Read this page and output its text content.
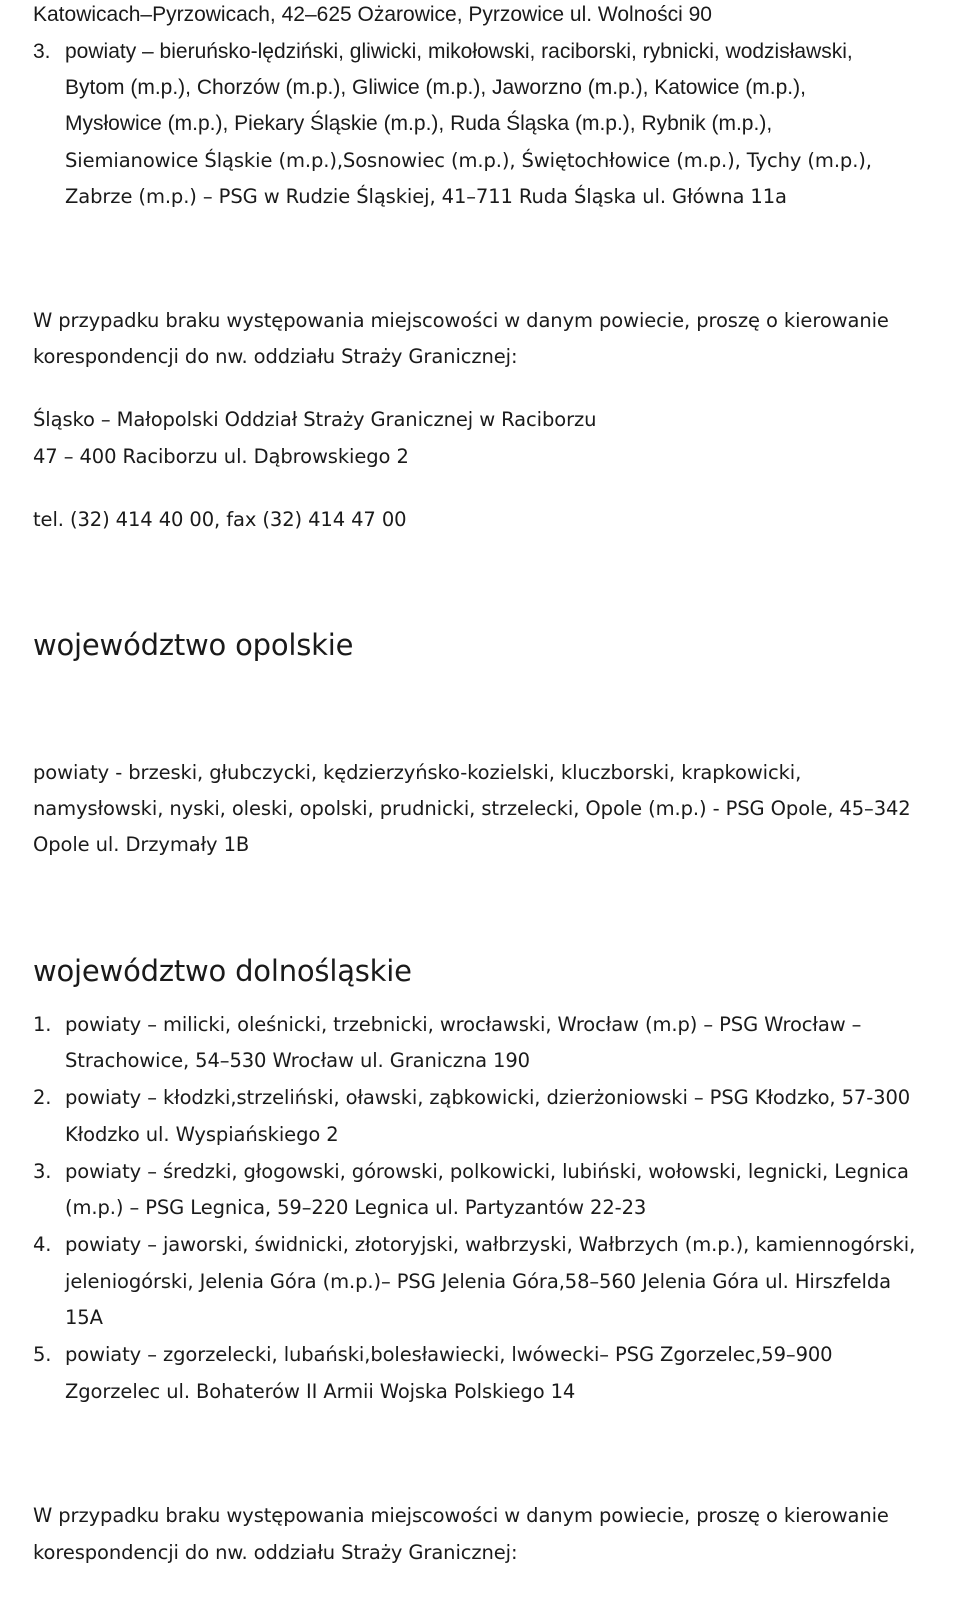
Katowicach–Pyrzowicach, 42–625 Ożarowice, Pyrzowice ul. Wolności 90
3. powiaty – bieruńsko-lędziński, gliwicki, mikołowski, raciborski, rybnicki, wodzisławski,
Bytom (m.p.), Chorzów (m.p.), Gliwice (m.p.), Jaworzno (m.p.), Katowice (m.p.),
Mysłowice (m.p.), Piekary Śląskie (m.p.), Ruda Śląska (m.p.), Rybnik (m.p.),
Siemianowice Śląskie (m.p.),Sosnowiec (m.p.), Świętochłowice (m.p.), Tychy (m.p.),
Zabrze (m.p.) – PSG w Rudzie Śląskiej, 41–711 Ruda Śląska ul. Główna 11a
W przypadku braku występowania miejscowości w danym powiecie, proszę o kierowanie
korespondencji do nw. oddziału Straży Granicznej:
Śląsko – Małopolski Oddział Straży Granicznej w Raciborzu
47 – 400 Raciborzu ul. Dąbrowskiego 2
tel. (32) 414 40 00, fax (32) 414 47 00
województwo opolskie
powiaty - brzeski, głubczycki, kędzierzyńsko-kozielski, kluczborski, krapkowicki,
namysłowski, nyski, oleski, opolski, prudnicki, strzelecki, Opole (m.p.) - PSG Opole, 45–342
Opole ul. Drzymały 1B
województwo dolnośląskie
1. powiaty – milicki, oleśnicki, trzebnicki, wrocławski, Wrocław (m.p) – PSG Wrocław –
Strachowice, 54–530 Wrocław ul. Graniczna 190
2. powiaty – kłodzki,strzeliński, oławski, ząbkowicki, dzierżoniowski – PSG Kłodzko, 57-300
Kłodzko ul. Wyspiańskiego 2
3. powiaty – średzki, głogowski, górowski, polkowicki, lubiński, wołowski, legnicki, Legnica
(m.p.) – PSG Legnica, 59–220 Legnica ul. Partyzantów 22-23
4. powiaty – jaworski, świdnicki, złotoryjski, wałbrzyski, Wałbrzych (m.p.), kamiennogórski,
jeleniogórski, Jelenia Góra (m.p.)– PSG Jelenia Góra,58–560 Jelenia Góra ul. Hirszfelda
15A
5. powiaty – zgorzelecki, lubański,bolesławiecki, lwówecki– PSG Zgorzelec,59–900
Zgorzelec ul. Bohaterów II Armii Wojska Polskiego 14
W przypadku braku występowania miejscowości w danym powiecie, proszę o kierowanie
korespondencji do nw. oddziału Straży Granicznej:
